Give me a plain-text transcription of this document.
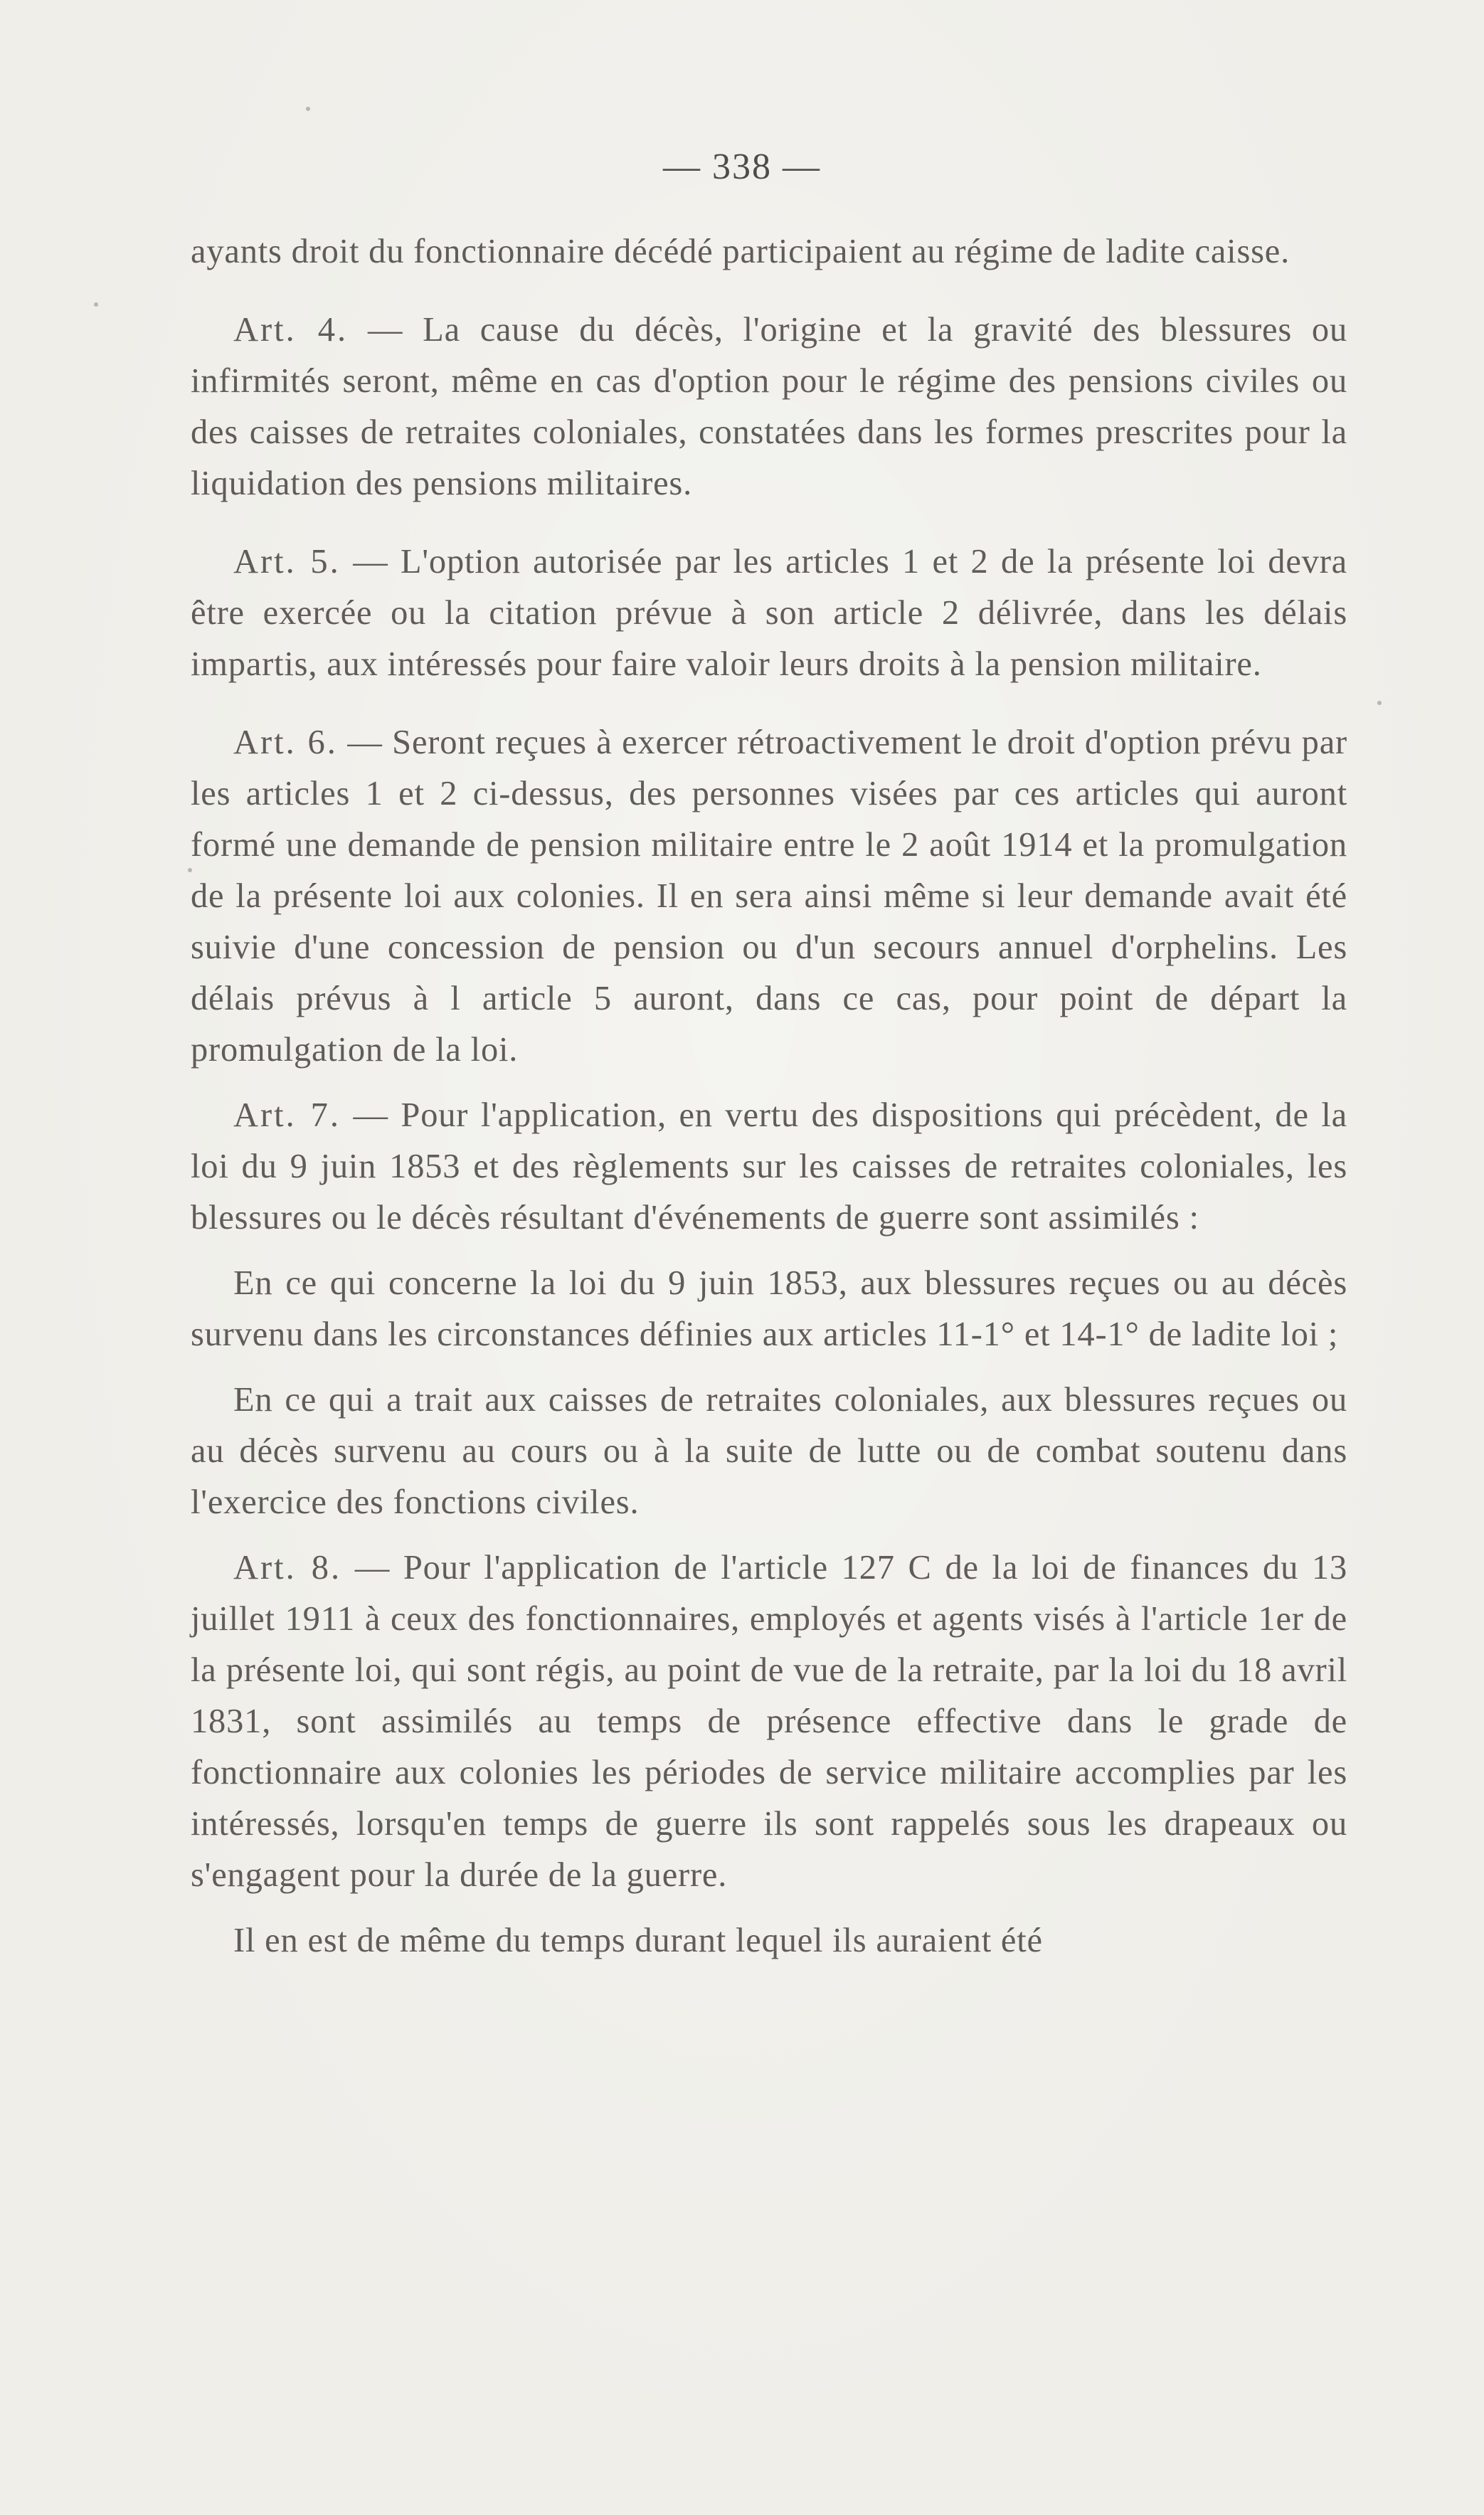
— 338 —

ayants droit du fonctionnaire décédé participaient au régime de ladite caisse.

Art. 4. — La cause du décès, l'origine et la gravité des blessures ou infirmités seront, même en cas d'option pour le régime des pensions civiles ou des caisses de retraites coloniales, constatées dans les formes prescrites pour la liquidation des pensions militaires.

Art. 5. — L'option autorisée par les articles 1 et 2 de la présente loi devra être exercée ou la citation prévue à son article 2 délivrée, dans les délais impartis, aux intéressés pour faire valoir leurs droits à la pension militaire.

Art. 6. — Seront reçues à exercer rétroactivement le droit d'option prévu par les articles 1 et 2 ci-dessus, des personnes visées par ces articles qui auront formé une demande de pension militaire entre le 2 août 1914 et la promulgation de la présente loi aux colonies. Il en sera ainsi même si leur demande avait été suivie d'une concession de pension ou d'un secours annuel d'orphelins. Les délais prévus à l article 5 auront, dans ce cas, pour point de départ la promulgation de la loi.

Art. 7. — Pour l'application, en vertu des dispositions qui précèdent, de la loi du 9 juin 1853 et des règlements sur les caisses de retraites coloniales, les blessures ou le décès résultant d'événements de guerre sont assimilés :

En ce qui concerne la loi du 9 juin 1853, aux blessures reçues ou au décès survenu dans les circonstances définies aux articles 11-1° et 14-1° de ladite loi ;

En ce qui a trait aux caisses de retraites coloniales, aux blessures reçues ou au décès survenu au cours ou à la suite de lutte ou de combat soutenu dans l'exercice des fonctions civiles.

Art. 8. — Pour l'application de l'article 127 C de la loi de finances du 13 juillet 1911 à ceux des fonctionnaires, employés et agents visés à l'article 1er de la présente loi, qui sont régis, au point de vue de la retraite, par la loi du 18 avril 1831, sont assimilés au temps de présence effective dans le grade de fonctionnaire aux colonies les périodes de service militaire accomplies par les intéressés, lorsqu'en temps de guerre ils sont rappelés sous les drapeaux ou s'engagent pour la durée de la guerre.

Il en est de même du temps durant lequel ils auraient été
